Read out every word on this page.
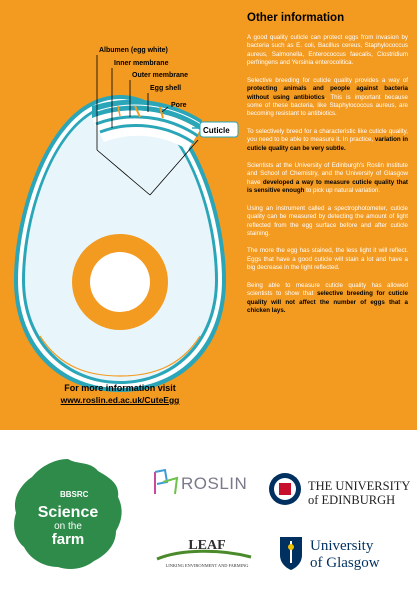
Albumen (egg white)
Inner membrane
Outer membrane
Egg shell
Pore
Cuticle
Other information

A good quality cuticle can protect eggs from invasion by bacteria such as E. coli, Bacillus cereus, Staphylococcus aureus, Salmonella, Enterococcus faecalis, Clostridium perfringens and Yersinia enterocolitica.

Selective breeding for cuticle quality provides a way of protecting animals and people against bacteria without using antibiotics. This is important because some of these bacteria, like Staphylococcus aureus, are becoming resistant to antibiotics.

To selectively breed for a characteristic like cuticle quality, you need to be able to measure it. In practice, variation in cuticle quality can be very subtle.

Scientists at the University of Edinburgh's Roslin Institute and School of Chemistry, and the University of Glasgow have developed a way to measure cuticle quality that is sensitive enough to pick up natural variation.

Using an instrument called a spectrophotometer, cuticle quality can be measured by detecting the amount of light reflected from the egg surface before and after cuticle staining.

The more the egg has stained, the less light it will reflect. Eggs that have a good cuticle will stain a lot and have a big decrease in the light reflected.

Being able to measure cuticle quality has allowed scientists to show that selective breeding for cuticle quality will not affect the number of eggs that a chicken lays.

For more information visit
www.roslin.ed.ac.uk/CuteEgg
BBSRC
Science
on the
farm
ROSLIN	THE UNIVERSITY
of EDINBURGH
LEAF
LINKING ENVIRONMENT AND FARMING
University
of Glasgow
